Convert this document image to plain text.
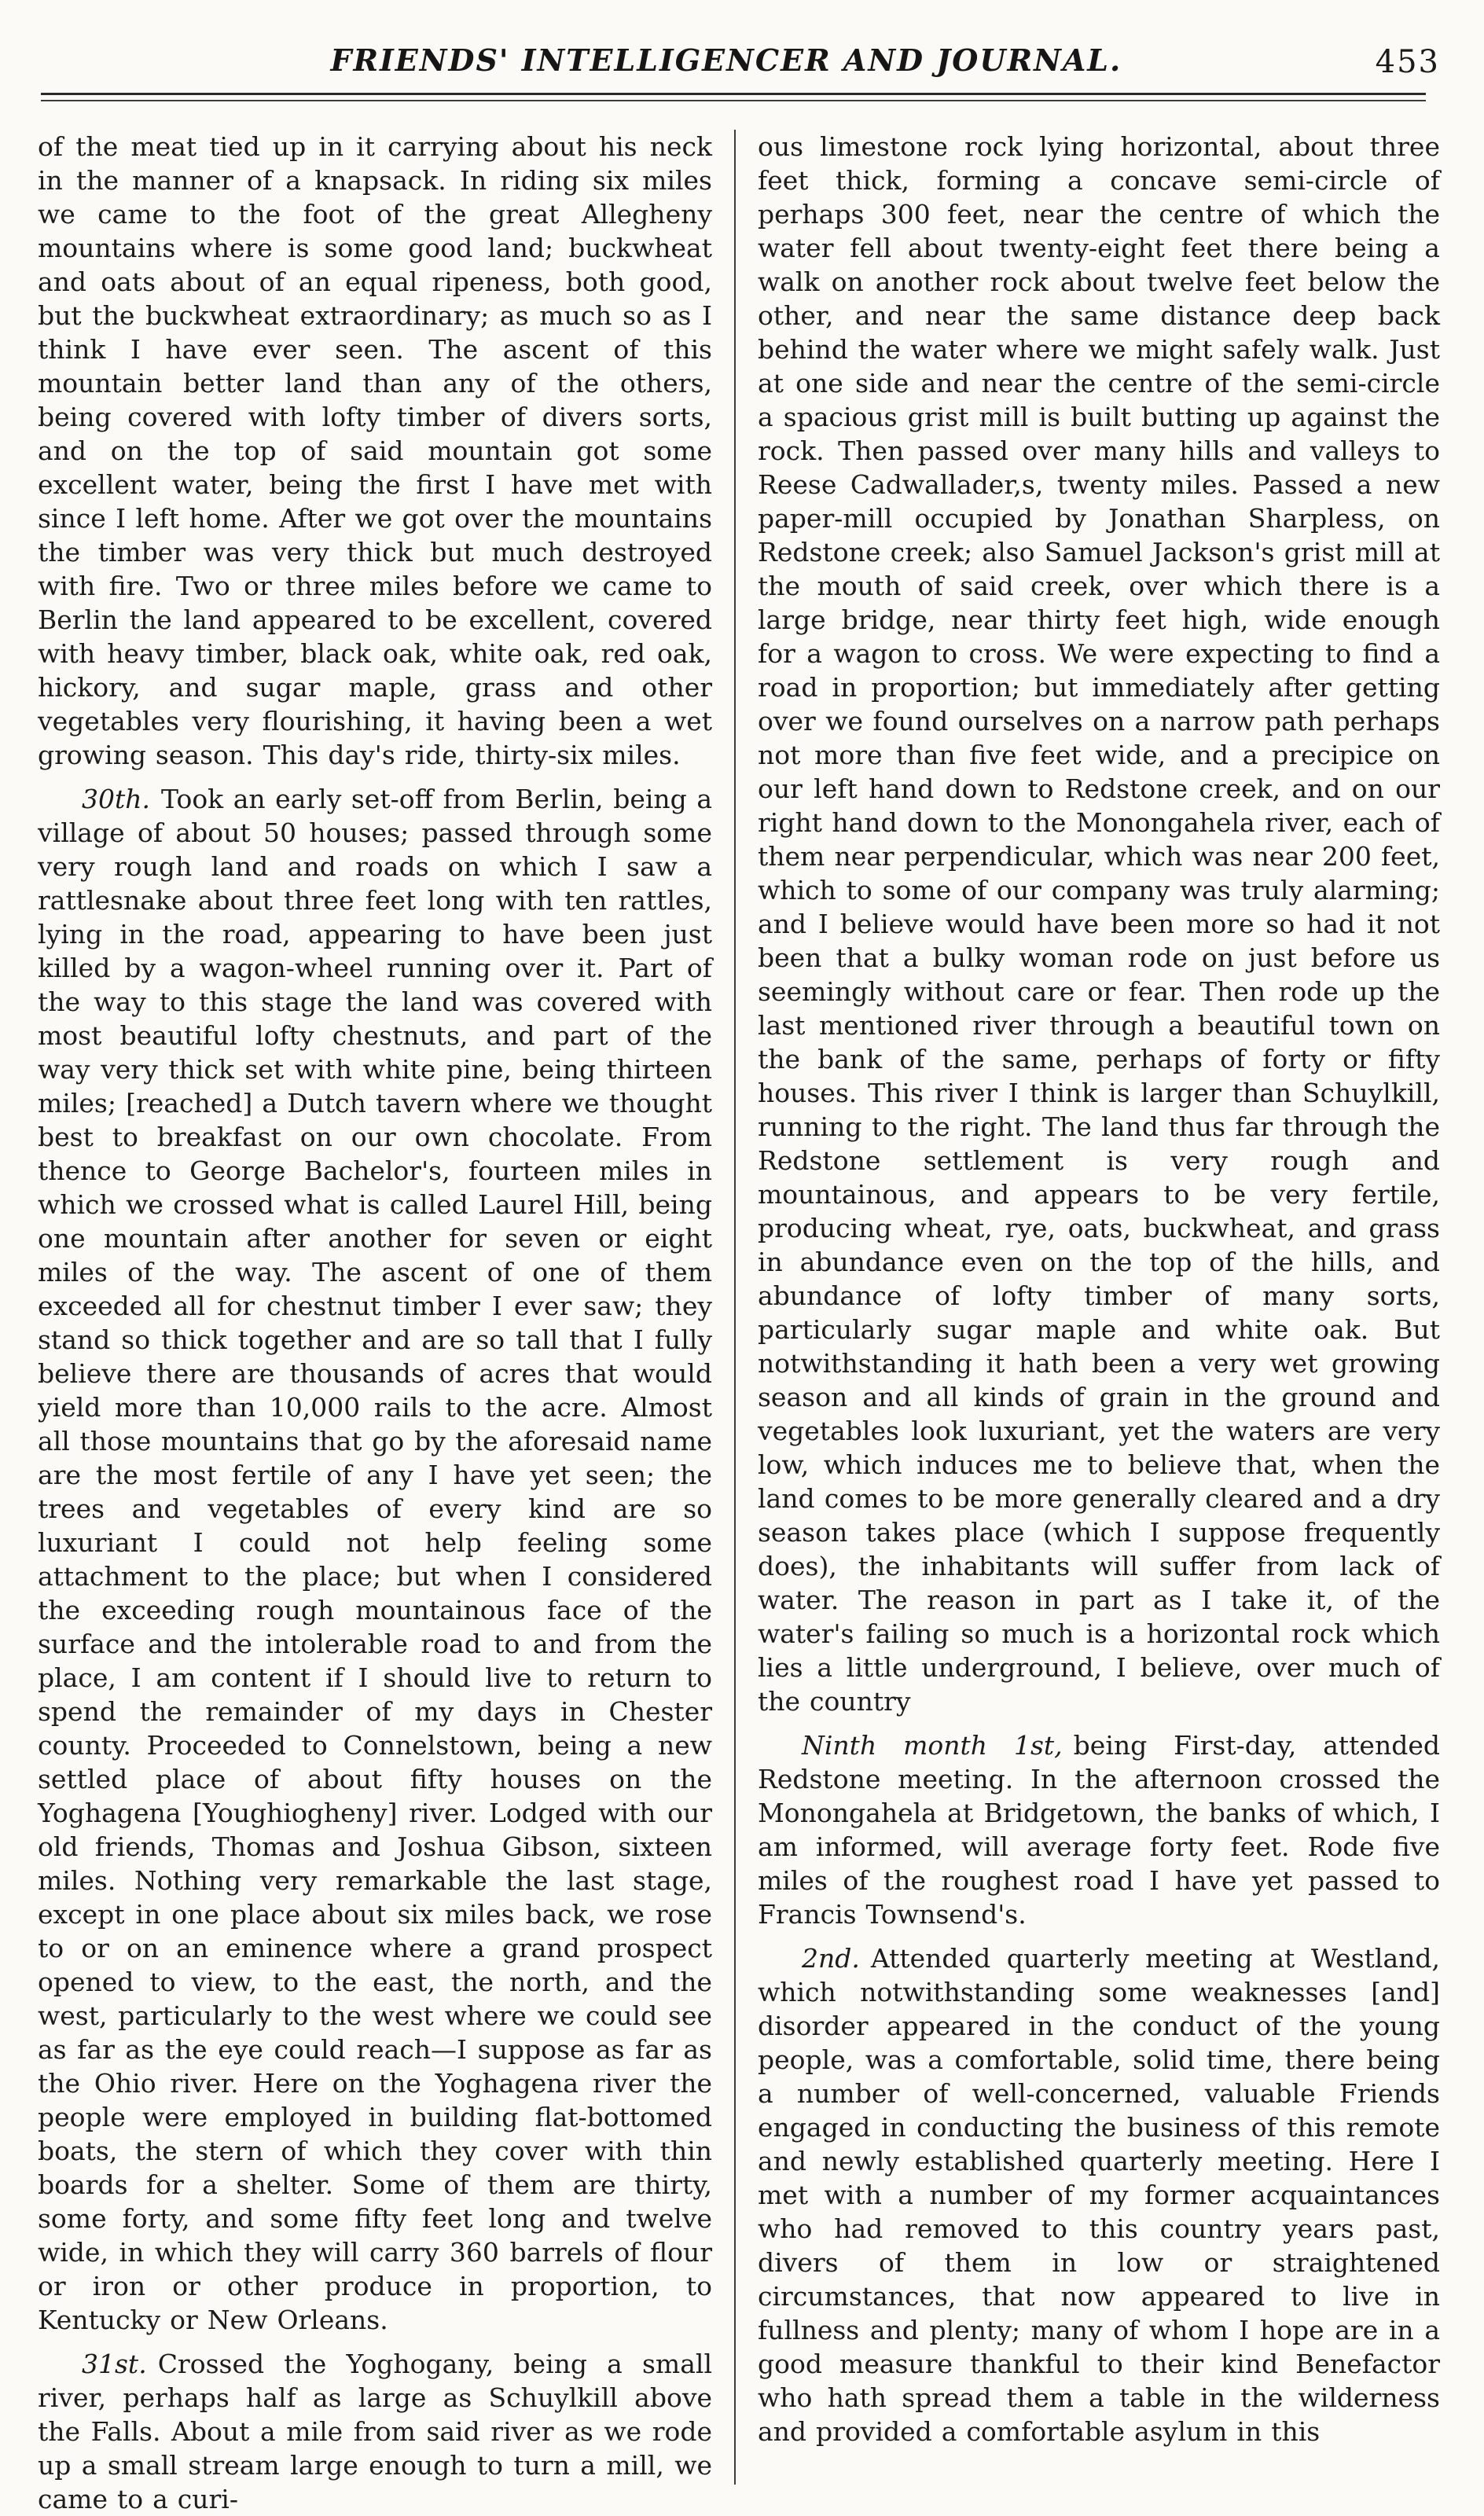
FRIENDS' INTELLIGENCER AND JOURNAL.	453

of the meat tied up in it carrying about his neck in the manner of a knapsack. In riding six miles we came to the foot of the great Allegheny mountains where is some good land; buckwheat and oats about of an equal ripeness, both good, but the buckwheat extraordinary; as much so as I think I have ever seen. The ascent of this mountain better land than any of the others, being covered with lofty timber of divers sorts, and on the top of said mountain got some excellent water, being the first I have met with since I left home. After we got over the mountains the timber was very thick but much destroyed with fire. Two or three miles before we came to Berlin the land appeared to be excellent, covered with heavy timber, black oak, white oak, red oak, hickory, and sugar maple, grass and other vegetables very flourishing, it having been a wet growing season. This day's ride, thirty-six miles.

30th. Took an early set-off from Berlin, being a village of about 50 houses; passed through some very rough land and roads on which I saw a rattlesnake about three feet long with ten rattles, lying in the road, appearing to have been just killed by a wagon-wheel running over it. Part of the way to this stage the land was covered with most beautiful lofty chestnuts, and part of the way very thick set with white pine, being thirteen miles; [reached] a Dutch tavern where we thought best to breakfast on our own chocolate. From thence to George Bachelor's, fourteen miles in which we crossed what is called Laurel Hill, being one mountain after another for seven or eight miles of the way. The ascent of one of them exceeded all for chestnut timber I ever saw; they stand so thick together and are so tall that I fully believe there are thousands of acres that would yield more than 10,000 rails to the acre. Almost all those mountains that go by the aforesaid name are the most fertile of any I have yet seen; the trees and vegetables of every kind are so luxuriant I could not help feeling some attachment to the place; but when I considered the exceeding rough mountainous face of the surface and the intolerable road to and from the place, I am content if I should live to return to spend the remainder of my days in Chester county. Proceeded to Connelstown, being a new settled place of about fifty houses on the Yoghagena [Youghiogheny] river. Lodged with our old friends, Thomas and Joshua Gibson, sixteen miles. Nothing very remarkable the last stage, except in one place about six miles back, we rose to or on an eminence where a grand prospect opened to view, to the east, the north, and the west, particularly to the west where we could see as far as the eye could reach—I suppose as far as the Ohio river. Here on the Yoghagena river the people were employed in building flat-bottomed boats, the stern of which they cover with thin boards for a shelter. Some of them are thirty, some forty, and some fifty feet long and twelve wide, in which they will carry 360 barrels of flour or iron or other produce in proportion, to Kentucky or New Orleans.

31st. Crossed the Yoghogany, being a small river, perhaps half as large as Schuylkill above the Falls. About a mile from said river as we rode up a small stream large enough to turn a mill, we came to a curi-

ous limestone rock lying horizontal, about three feet thick, forming a concave semi-circle of perhaps 300 feet, near the centre of which the water fell about twenty-eight feet there being a walk on another rock about twelve feet below the other, and near the same distance deep back behind the water where we might safely walk. Just at one side and near the centre of the semi-circle a spacious grist mill is built butting up against the rock. Then passed over many hills and valleys to Reese Cadwallader,s, twenty miles. Passed a new paper-mill occupied by Jonathan Sharpless, on Redstone creek; also Samuel Jackson's grist mill at the mouth of said creek, over which there is a large bridge, near thirty feet high, wide enough for a wagon to cross. We were expecting to find a road in proportion; but immediately after getting over we found ourselves on a narrow path perhaps not more than five feet wide, and a precipice on our left hand down to Redstone creek, and on our right hand down to the Monongahela river, each of them near perpendicular, which was near 200 feet, which to some of our company was truly alarming; and I believe would have been more so had it not been that a bulky woman rode on just before us seemingly without care or fear. Then rode up the last mentioned river through a beautiful town on the bank of the same, perhaps of forty or fifty houses. This river I think is larger than Schuylkill, running to the right. The land thus far through the Redstone settlement is very rough and mountainous, and appears to be very fertile, producing wheat, rye, oats, buckwheat, and grass in abundance even on the top of the hills, and abundance of lofty timber of many sorts, particularly sugar maple and white oak. But notwithstanding it hath been a very wet growing season and all kinds of grain in the ground and vegetables look luxuriant, yet the waters are very low, which induces me to believe that, when the land comes to be more generally cleared and a dry season takes place (which I suppose frequently does), the inhabitants will suffer from lack of water. The reason in part as I take it, of the water's failing so much is a horizontal rock which lies a little underground, I believe, over much of the country

Ninth month 1st, being First-day, attended Redstone meeting. In the afternoon crossed the Monongahela at Bridgetown, the banks of which, I am informed, will average forty feet. Rode five miles of the roughest road I have yet passed to Francis Townsend's.

2nd. Attended quarterly meeting at Westland, which notwithstanding some weaknesses [and] disorder appeared in the conduct of the young people, was a comfortable, solid time, there being a number of well-concerned, valuable Friends engaged in conducting the business of this remote and newly established quarterly meeting. Here I met with a number of my former acquaintances who had removed to this country years past, divers of them in low or straightened circumstances, that now appeared to live in fullness and plenty; many of whom I hope are in a good measure thankful to their kind Benefactor who hath spread them a table in the wilderness and provided a comfortable asylum in this
